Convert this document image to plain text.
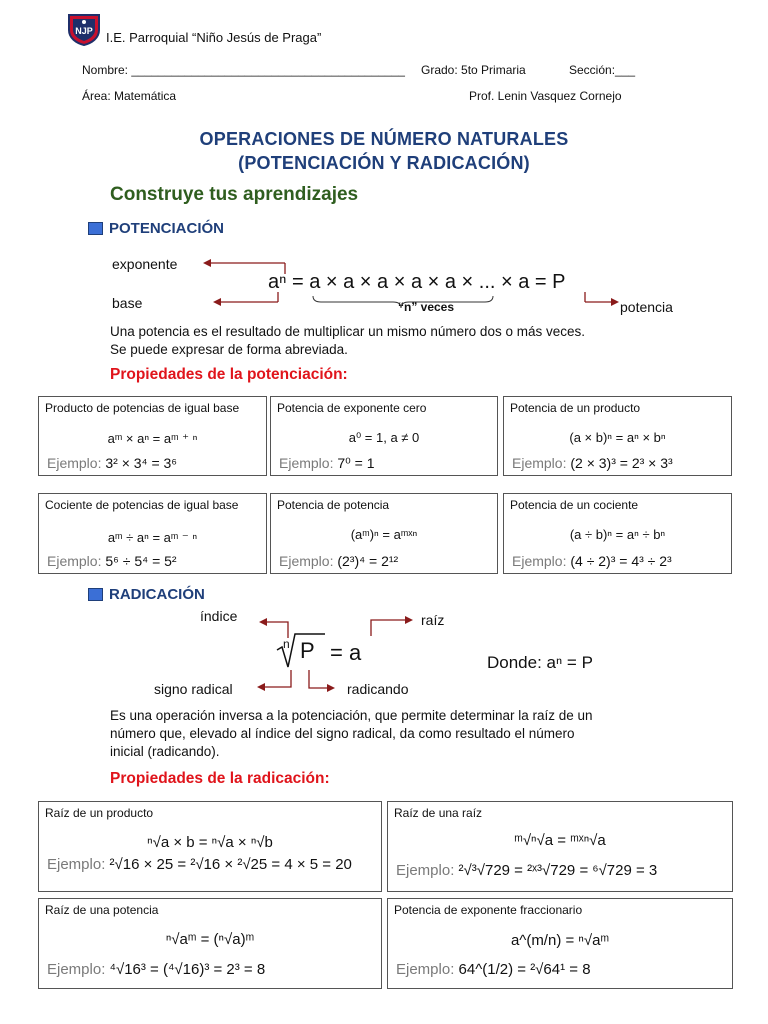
NJP I.E. Parroquial “Niño Jesús de Praga”
Nombre: _________________________________________ Grado: 5to Primaria	Sección:___
Área: Matemática	Prof. Lenin Vasquez Cornejo
OPERACIONES DE NÚMERO NATURALES
(POTENCIACIÓN Y RADICACIÓN)
Construye tus aprendizajes
POTENCIACIÓN
exponente
base
aⁿ = a × a × a × a × a × ... × a = P
potencia
“n” veces
Una potencia es el resultado de multiplicar un mismo número dos o más veces.
Se puede expresar de forma abreviada.
Propiedades de la potenciación:
Producto de potencias de igual base
aᵐ × aⁿ = aᵐ ⁺ ⁿ
Ejemplo: 3² × 3⁴ = 3⁶
Potencia de exponente cero
a⁰ = 1, a ≠ 0
Ejemplo: 7⁰ = 1
Potencia de un producto
(a × b)ⁿ = aⁿ × bⁿ
Ejemplo: (2 × 3)³ = 2³ × 3³
Cociente de potencias de igual base
aᵐ ÷ aⁿ = aᵐ ⁻ ⁿ
Ejemplo: 5⁶ ÷ 5⁴ = 5²
Potencia de potencia
(aᵐ)ⁿ = aᵐˣⁿ
Ejemplo: (2³)⁴ = 2¹²
Potencia de un cociente
(a ÷ b)ⁿ = aⁿ ÷ bⁿ
Ejemplo: (4 ÷ 2)³ = 4³ ÷ 2³
RADICACIÓN
índice	raíz
signo radical	radicando
n P = a	Donde: aⁿ = P
Es una operación inversa a la potenciación, que permite determinar la raíz de un
número que, elevado al índice del signo radical, da como resultado el número
inicial (radicando).
Propiedades de la radicación:
Raíz de un producto
ⁿ√a × b = ⁿ√a × ⁿ√b
Ejemplo: ²√16 × 25 = ²√16 × ²√25 = 4 × 5 = 20
Raíz de una raíz
ᵐ√ⁿ√a = ᵐˣⁿ√a
Ejemplo: ²√³√729 = ²ˣ³√729 = ⁶√729 = 3
Raíz de una potencia
ⁿ√aᵐ = (ⁿ√a)ᵐ
Ejemplo: ⁴√16³ = (⁴√16)³ = 2³ = 8
Potencia de exponente fraccionario
a^(m/n) = ⁿ√aᵐ
Ejemplo: 64^(1/2) = ²√64¹ = 8
